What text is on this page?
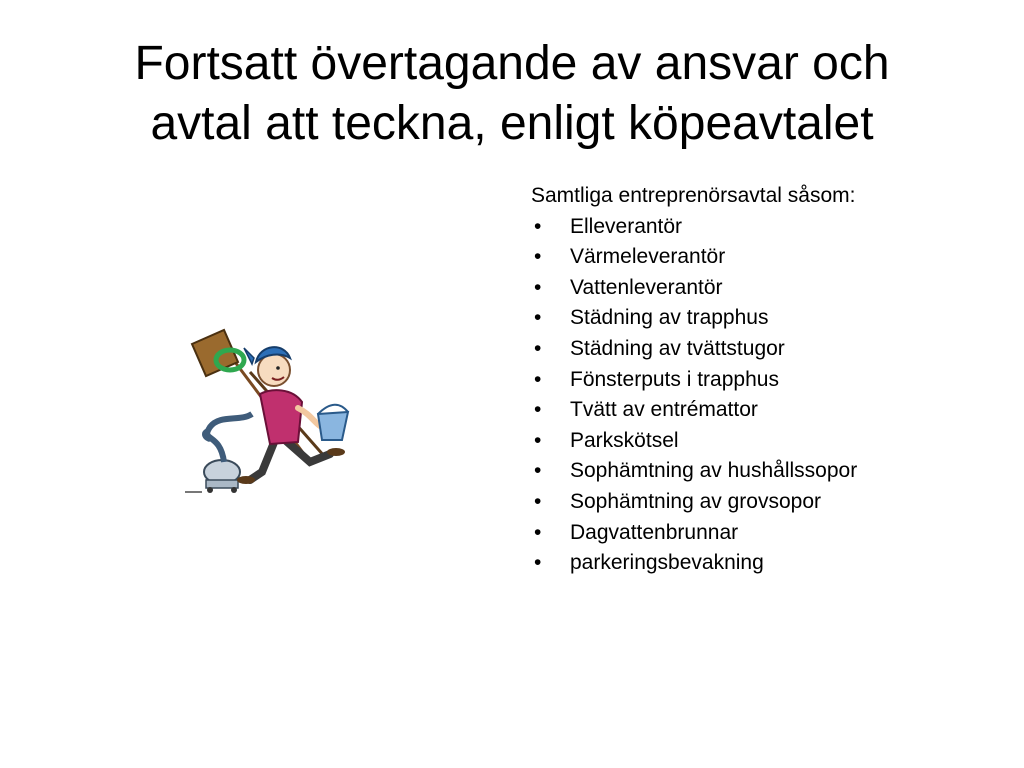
Fortsatt övertagande av ansvar och
avtal att teckna, enligt köpeavtalet
Samtliga entreprenörsavtal såsom:
• Elleverantör
• Värmeleverantör
• Vattenleverantör
• Städning av trapphus
• Städning av tvättstugor
• Fönsterputs i trapphus
• Tvätt av entrémattor
• Parkskötsel
• Sophämtning av hushållssopor
• Sophämtning av grovsopor
• Dagvattenbrunnar
• parkeringsbevakning
